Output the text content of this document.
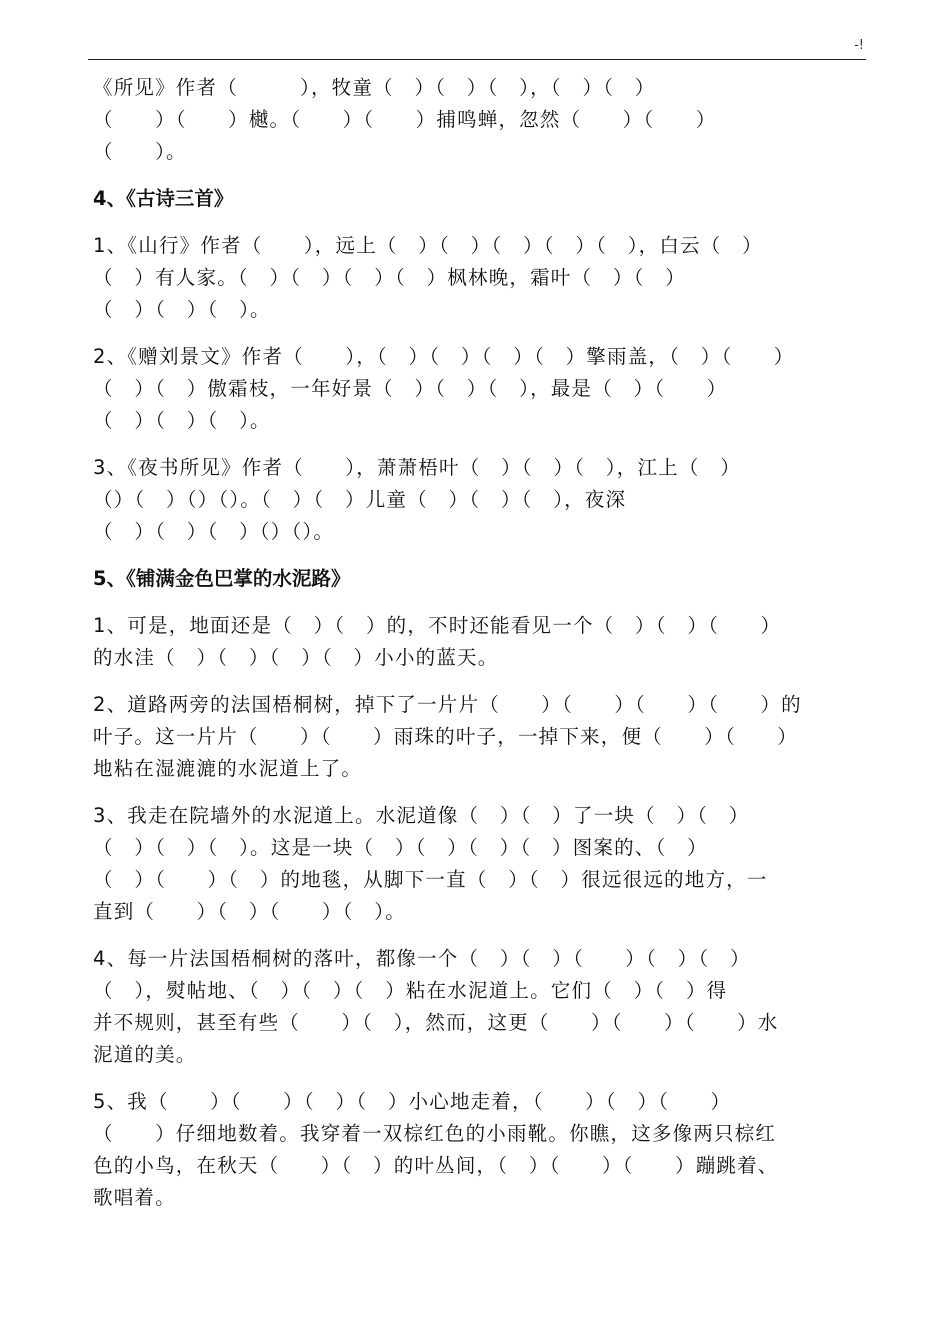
-!
《所见》作者（　　　），牧童（　）（　）（　），（　）（　）
（　　）（　　）樾。（　　）（　　）捕鸣蝉，忽然（　　）（　　）
（　　）。
4、《古诗三首》
1、《山行》作者（　　），远上（　）（　）（　）（　）（　），白云（　）
（　）有人家。（　）（　）（　）（　）枫林晚，霜叶（　）（　）
（　）（　）（　）。
2、《赠刘景文》作者（　　），（　）（　）（　）（　）擎雨盖，（　）（　　）
（　）（　）傲霜枝，一年好景（　）（　）（　），最是（　）（　　）
（　）（　）（　）。
3、《夜书所见》作者（　　），萧萧梧叶（　）（　）（　），江上（　）
（）（　）（）（）。（　）（　）儿童（　）（　）（　），夜深
（　）（　）（　）（）（）。
5、《铺满金色巴掌的水泥路》
1、可是，地面还是（　）（　）的，不时还能看见一个（　）（　）（　　）
的水洼（　）（　）（　）（　）小小的蓝天。
2、道路两旁的法国梧桐树，掉下了一片片（　　）（　　）（　　）（　　）的
叶子。这一片片（　　）（　　）雨珠的叶子，一掉下来，便（　　）（　　）
地粘在湿漉漉的水泥道上了。
3、我走在院墙外的水泥道上。水泥道像（　）（　）了一块（　）（　）
（　）（　）（　）。这是一块（　）（　）（　）（　）图案的、（　）
（　）（　　）（　）的地毯，从脚下一直（　）（　）很远很远的地方，一
直到（　　）（　）（　　）（　）。
4、每一片法国梧桐树的落叶，都像一个（　）（　）（　　）（　）（　）
（　），熨帖地、（　）（　）（　）粘在水泥道上。它们（　）（　）得
并不规则，甚至有些（　　）（　），然而，这更（　　）（　　）（　　）水
泥道的美。
5、我（　　）（　　）（　）（　）小心地走着，（　　）（　）（　　）
（　　）仔细地数着。我穿着一双棕红色的小雨靴。你瞧，这多像两只棕红
色的小鸟，在秋天（　　）（　）的叶丛间，（　）（　　）（　　）蹦跳着、
歌唱着。
